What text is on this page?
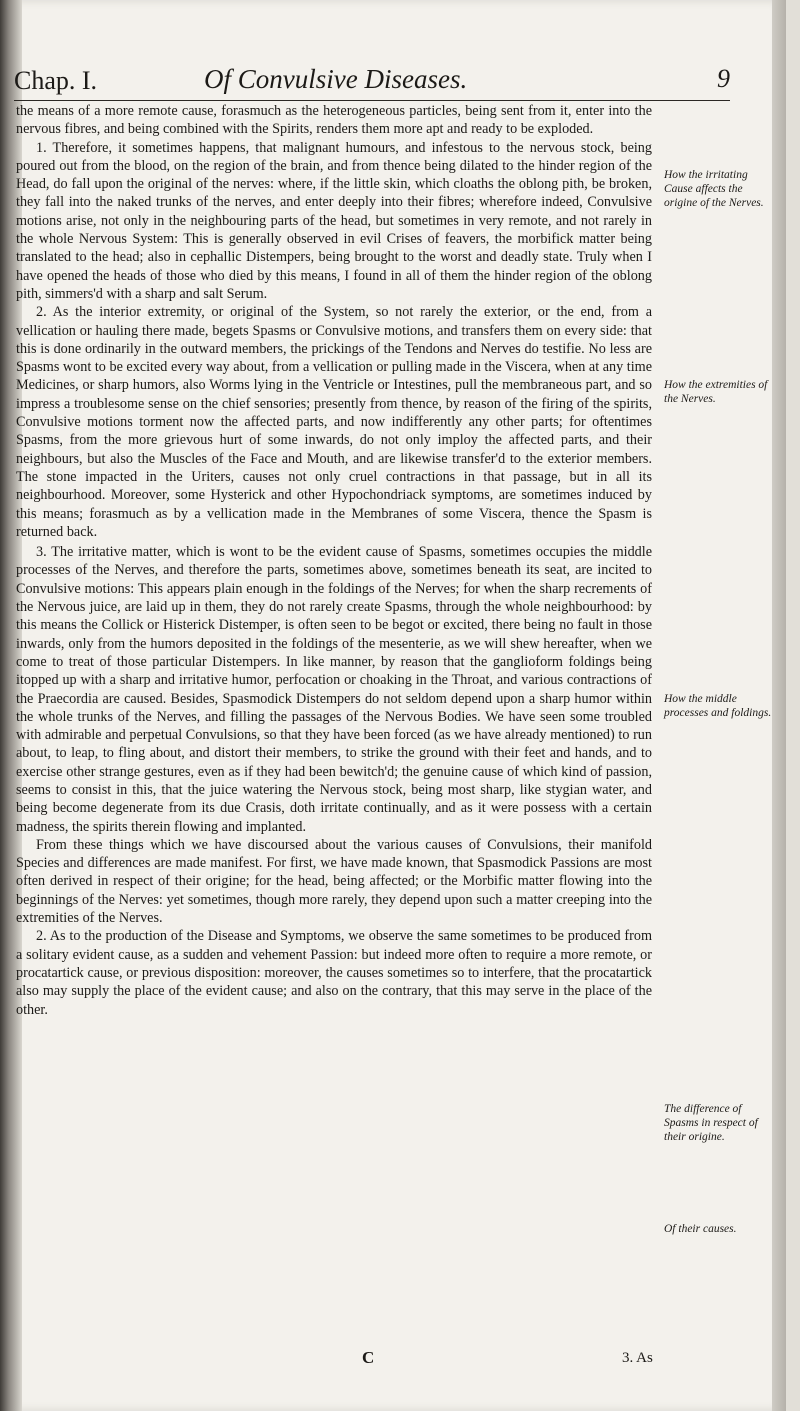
Chap. I.	Of Convulsive Diseases.	9

the means of a more remote cause, forasmuch as the heterogeneous particles, being sent from it, enter into the nervous fibres, and being combined with the Spirits, renders them more apt and ready to be exploded.

1. Therefore, it sometimes happens, that malignant humours, and infestous to the nervous stock, being poured out from the blood, on the region of the brain, and from thence being dilated to the hinder region of the Head, do fall upon the original of the nerves: where, if the little skin, which cloaths the oblong pith, be broken, they fall into the naked trunks of the nerves, and enter deeply into their fibres; wherefore indeed, Convulsive motions arise, not only in the neighbouring parts of the head, but sometimes in very remote, and not rarely in the whole Nervous System: This is generally observed in evil Crises of feavers, the morbifick matter being translated to the head; also in cephallic Distempers, being brought to the worst and deadly state. Truly when I have opened the heads of those who died by this means, I found in all of them the hinder region of the oblong pith, simmers'd with a sharp and salt Serum.

2. As the interior extremity, or original of the System, so not rarely the exterior, or the end, from a vellication or hauling there made, begets Spasms or Convulsive motions, and transfers them on every side: that this is done ordinarily in the outward members, the prickings of the Tendons and Nerves do testifie. No less are Spasms wont to be excited every way about, from a vellication or pulling made in the Viscera, when at any time Medicines, or sharp humors, also Worms lying in the Ventricle or Intestines, pull the membraneous part, and so impress a troublesome sense on the chief sensories; presently from thence, by reason of the firing of the spirits, Convulsive motions torment now the affected parts, and now indifferently any other parts; for oftentimes Spasms, from the more grievous hurt of some inwards, do not only imploy the affected parts, and their neighbours, but also the Muscles of the Face and Mouth, and are likewise transfer'd to the exterior members. The stone impacted in the Uriters, causes not only cruel contractions in that passage, but in all its neighbourhood. Moreover, some Hysterick and other Hypochondriack symptoms, are sometimes induced by this means; forasmuch as by a vellication made in the Membranes of some Viscera, thence the Spasm is returned back.

3. The irritative matter, which is wont to be the evident cause of Spasms, sometimes occupies the middle processes of the Nerves, and therefore the parts, sometimes above, sometimes beneath its seat, are incited to Convulsive motions: This appears plain enough in the foldings of the Nerves; for when the sharp recrements of the Nervous juice, are laid up in them, they do not rarely create Spasms, through the whole neighbourhood: by this means the Collick or Histerick Distemper, is often seen to be begot or excited, there being no fault in those inwards, only from the humors deposited in the foldings of the mesenterie, as we will shew hereafter, when we come to treat of those particular Distempers. In like manner, by reason that the ganglioform foldings being itopped up with a sharp and irritative humor, perfocation or choaking in the Throat, and various contractions of the Praecordia are caused. Besides, Spasmodick Distempers do not seldom depend upon a sharp humor within the whole trunks of the Nerves, and filling the passages of the Nervous Bodies. We have seen some troubled with admirable and perpetual Convulsions, so that they have been forced (as we have already mentioned) to run about, to leap, to fling about, and distort their members, to strike the ground with their feet and hands, and to exercise other strange gestures, even as if they had been bewitch'd; the genuine cause of which kind of passion, seems to consist in this, that the juice watering the Nervous stock, being most sharp, like stygian water, and being become degenerate from its due Crasis, doth irritate continually, and as it were possess with a certain madness, the spirits therein flowing and implanted.

From these things which we have discoursed about the various causes of Convulsions, their manifold Species and differences are made manifest. For first, we have made known, that Spasmodick Passions are most often derived in respect of their origine; for the head, being affected; or the Morbific matter flowing into the beginnings of the Nerves: yet sometimes, though more rarely, they depend upon such a matter creeping into the extremities of the Nerves.

2. As to the production of the Disease and Symptoms, we observe the same sometimes to be produced from a solitary evident cause, as a sudden and vehement Passion: but indeed more often to require a more remote, or procatartick cause, or previous disposition: moreover, the causes sometimes so to interfere, that the procatartick also may supply the place of the evident cause; and also on the contrary, that this may serve in the place of the other.

How the irritating Cause affects the origine of the Nerves.
How the extremities of the Nerves.
How the middle processes and foldings.
The difference of Spasms in respect of their origine.
Of their causes.
C	3. As
